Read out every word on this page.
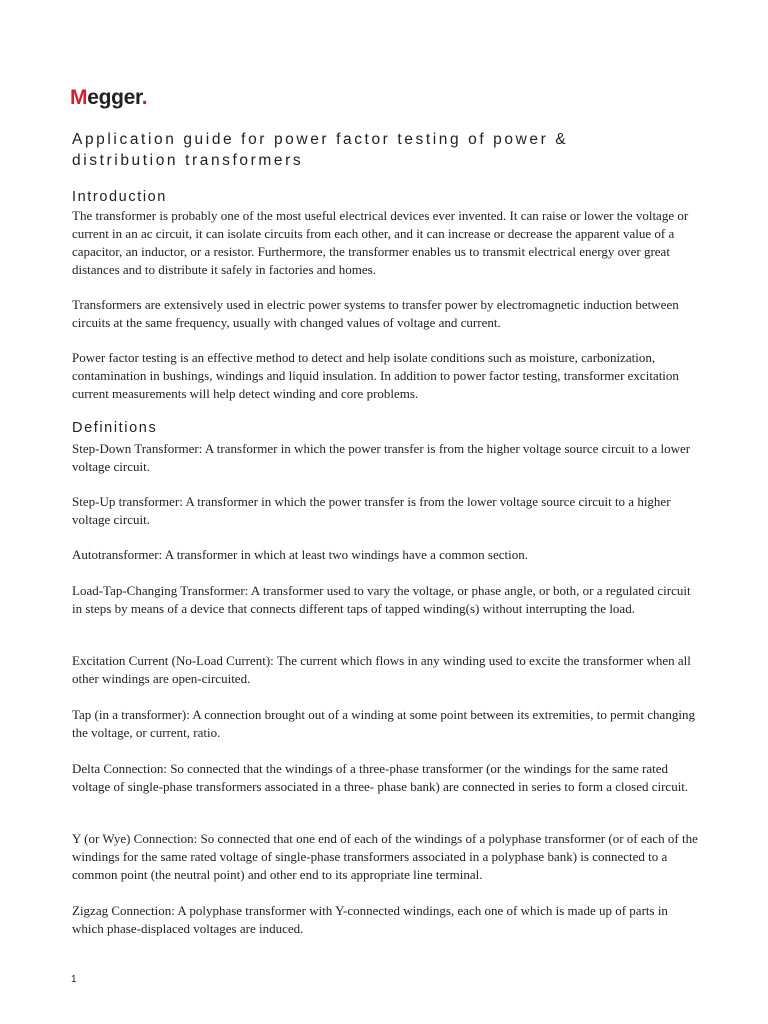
Megger.
Application guide for power factor testing of power &
distribution transformers
Introduction
The transformer is probably one of the most useful electrical devices ever invented. It can raise or lower the voltage or current in an ac circuit, it can isolate circuits from each other, and it can increase or decrease the apparent value of a capacitor, an inductor, or a resistor. Furthermore, the transformer enables us to transmit electrical energy over great distances and to distribute it safely in factories and homes.
Transformers are extensively used in electric power systems to transfer power by electromagnetic induction between circuits at the same frequency, usually with changed values of voltage and current.
Power factor testing is an effective method to detect and help isolate conditions such as moisture, carbonization, contamination in bushings, windings and liquid insulation. In addition to power factor testing, transformer excitation current measurements will help detect winding and core problems.
Definitions
Step-Down Transformer: A transformer in which the power transfer is from the higher voltage source circuit to a lower voltage circuit.
Step-Up transformer: A transformer in which the power transfer is from the lower voltage source circuit to a higher voltage circuit.
Autotransformer: A transformer in which at least two windings have a common section.
Load-Tap-Changing Transformer: A transformer used to vary the voltage, or phase angle, or both, or a regulated circuit in steps by means of a device that connects different taps of tapped winding(s) without interrupting the load.
Excitation Current (No-Load Current): The current which flows in any winding used to excite the transformer when all other windings are open-circuited.
Tap (in a transformer): A connection brought out of a winding at some point between its extremities, to permit changing the voltage, or current, ratio.
Delta Connection: So connected that the windings of a three-phase transformer (or the windings for the same rated voltage of single-phase transformers associated in a three- phase bank) are connected in series to form a closed circuit.
Y (or Wye) Connection: So connected that one end of each of the windings of a polyphase transformer (or of each of the windings for the same rated voltage of single-phase transformers associated in a polyphase bank) is connected to a common point (the neutral point) and other end to its appropriate line terminal.
Zigzag Connection: A polyphase transformer with Y-connected windings, each one of which is made up of parts in which phase-displaced voltages are induced.
1
